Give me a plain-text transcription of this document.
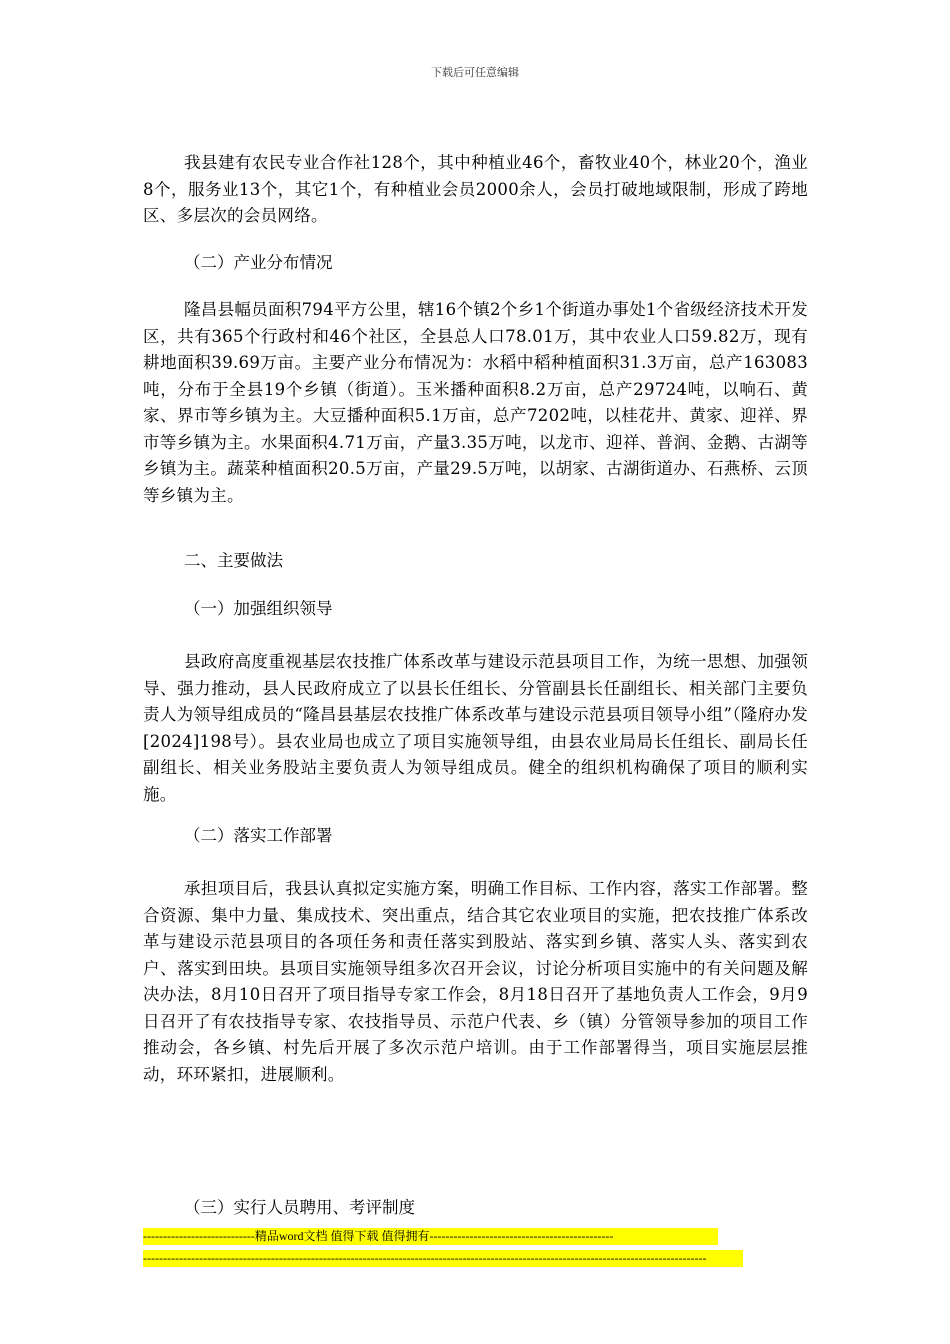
下载后可任意编辑

我县建有农民专业合作社128个，其中种植业46个，畜牧业40个，林业20个，渔业8个，服务业13个，其它1个，有种植业会员2000余人，会员打破地域限制，形成了跨地区、多层次的会员网络。

（二）产业分布情况

隆昌县幅员面积794平方公里，辖16个镇2个乡1个街道办事处1个省级经济技术开发区，共有365个行政村和46个社区，全县总人口78.01万，其中农业人口59.82万，现有耕地面积39.69万亩。主要产业分布情况为：水稻中稻种植面积31.3万亩，总产163083吨，分布于全县19个乡镇（街道）。玉米播种面积8.2万亩，总产29724吨，以响石、黄家、界市等乡镇为主。大豆播种面积5.1万亩，总产7202吨，以桂花井、黄家、迎祥、界市等乡镇为主。水果面积4.71万亩，产量3.35万吨，以龙市、迎祥、普润、金鹅、古湖等乡镇为主。蔬菜种植面积20.5万亩，产量29.5万吨，以胡家、古湖街道办、石燕桥、云顶等乡镇为主。

二、主要做法

（一）加强组织领导

县政府高度重视基层农技推广体系改革与建设示范县项目工作，为统一思想、加强领导、强力推动，县人民政府成立了以县长任组长、分管副县长任副组长、相关部门主要负责人为领导组成员的“隆昌县基层农技推广体系改革与建设示范县项目领导小组”（隆府办发[2024]198号）。县农业局也成立了项目实施领导组，由县农业局局长任组长、副局长任副组长、相关业务股站主要负责人为领导组成员。健全的组织机构确保了项目的顺利实施。

（二）落实工作部署

承担项目后，我县认真拟定实施方案，明确工作目标、工作内容，落实工作部署。整合资源、集中力量、集成技术、突出重点，结合其它农业项目的实施，把农技推广体系改革与建设示范县项目的各项任务和责任落实到股站、落实到乡镇、落实人头、落实到农户、落实到田块。县项目实施领导组多次召开会议，讨论分析项目实施中的有关问题及解决办法，8月10日召开了项目指导专家工作会，8月18日召开了基地负责人工作会，9月9日召开了有农技指导专家、农技指导员、示范户代表、乡（镇）分管领导参加的项目工作推动会，各乡镇、村先后开展了多次示范户培训。由于工作部署得当，项目实施层层推动，环环紧扣，进展顺利。

（三）实行人员聘用、考评制度

----------------------------精品word文档 值得下载 值得拥有----------------------------------------------
---------------------------------------------------------------------------------------------------------------------------------------------
